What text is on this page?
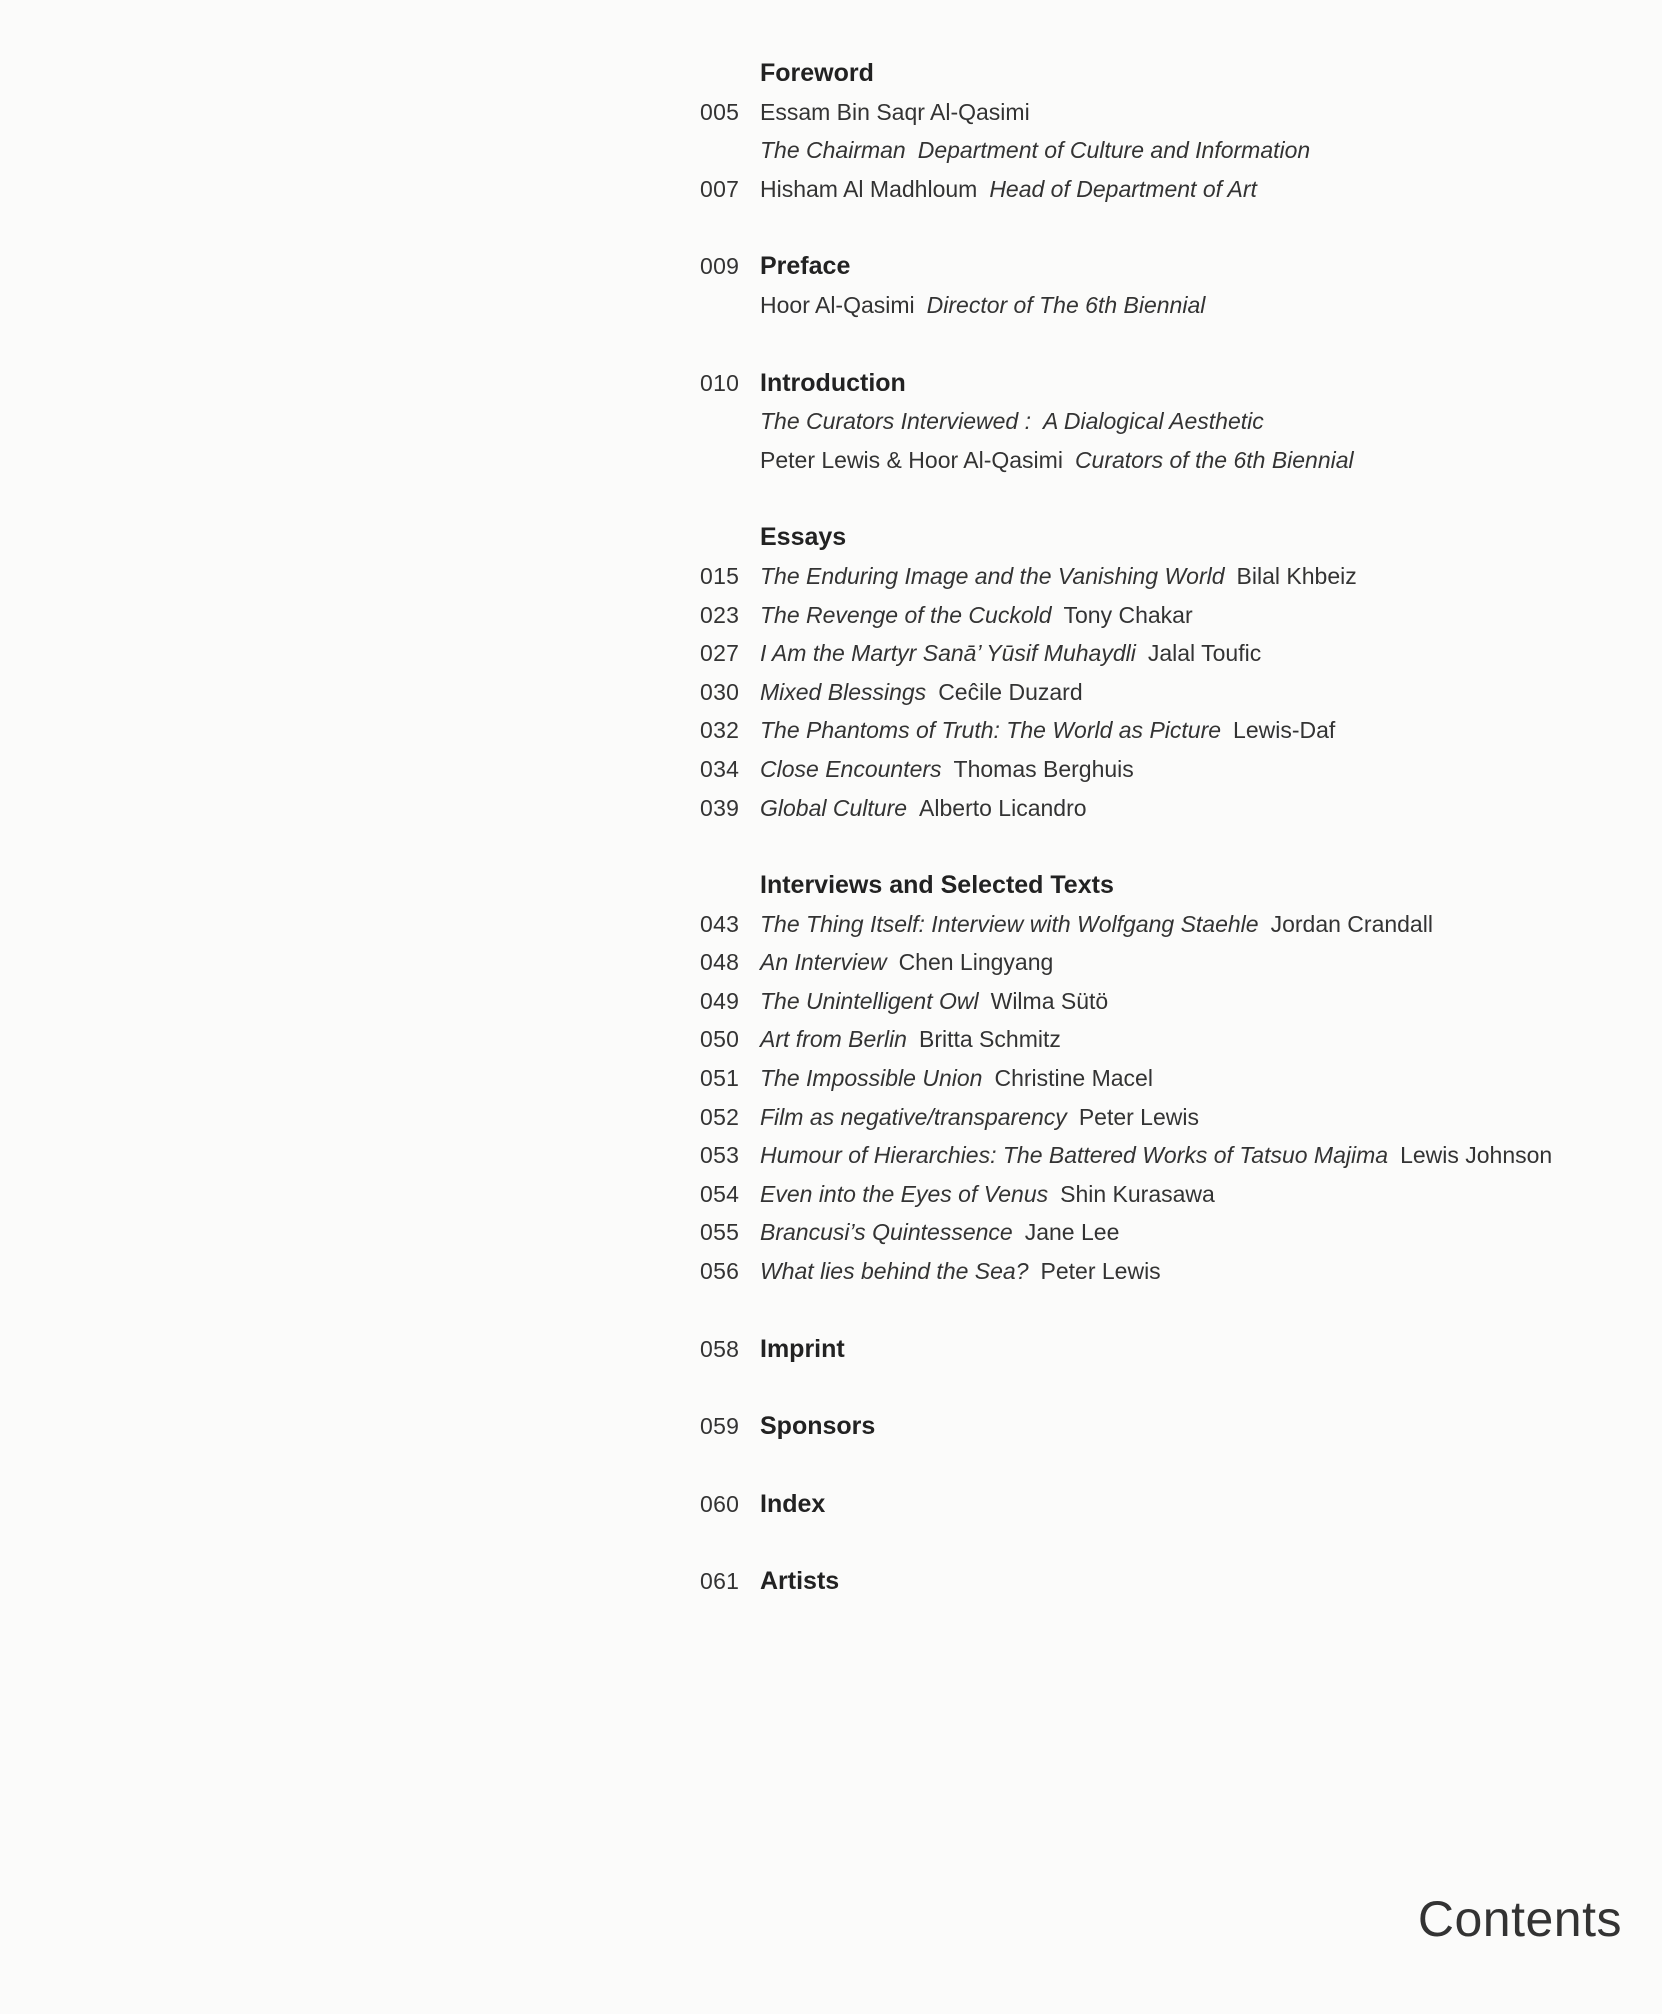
Foreword
005 Essam Bin Saqr Al-Qasimi
The Chairman Department of Culture and Information
007 Hisham Al Madhloum Head of Department of Art
009 Preface
Hoor Al-Qasimi Director of The 6th Biennial
010 Introduction
The Curators Interviewed : A Dialogical Aesthetic
Peter Lewis & Hoor Al-Qasimi Curators of the 6th Biennial
Essays
015 The Enduring Image and the Vanishing World Bilal Khbeiz
023 The Revenge of the Cuckold Tony Chakar
027 I Am the Martyr Sanā’ Yūsif Muhaydli Jalal Toufic
030 Mixed Blessings Ceĉile Duzard
032 The Phantoms of Truth: The World as Picture Lewis-Daf
034 Close Encounters Thomas Berghuis
039 Global Culture Alberto Licandro
Interviews and Selected Texts
043 The Thing Itself: Interview with Wolfgang Staehle Jordan Crandall
048 An Interview Chen Lingyang
049 The Unintelligent Owl Wilma Sütö
050 Art from Berlin Britta Schmitz
051 The Impossible Union Christine Macel
052 Film as negative/transparency Peter Lewis
053 Humour of Hierarchies: The Battered Works of Tatsuo Majima Lewis Johnson
054 Even into the Eyes of Venus Shin Kurasawa
055 Brancusi’s Quintessence Jane Lee
056 What lies behind the Sea? Peter Lewis
058 Imprint
059 Sponsors
060 Index
061 Artists
Contents
